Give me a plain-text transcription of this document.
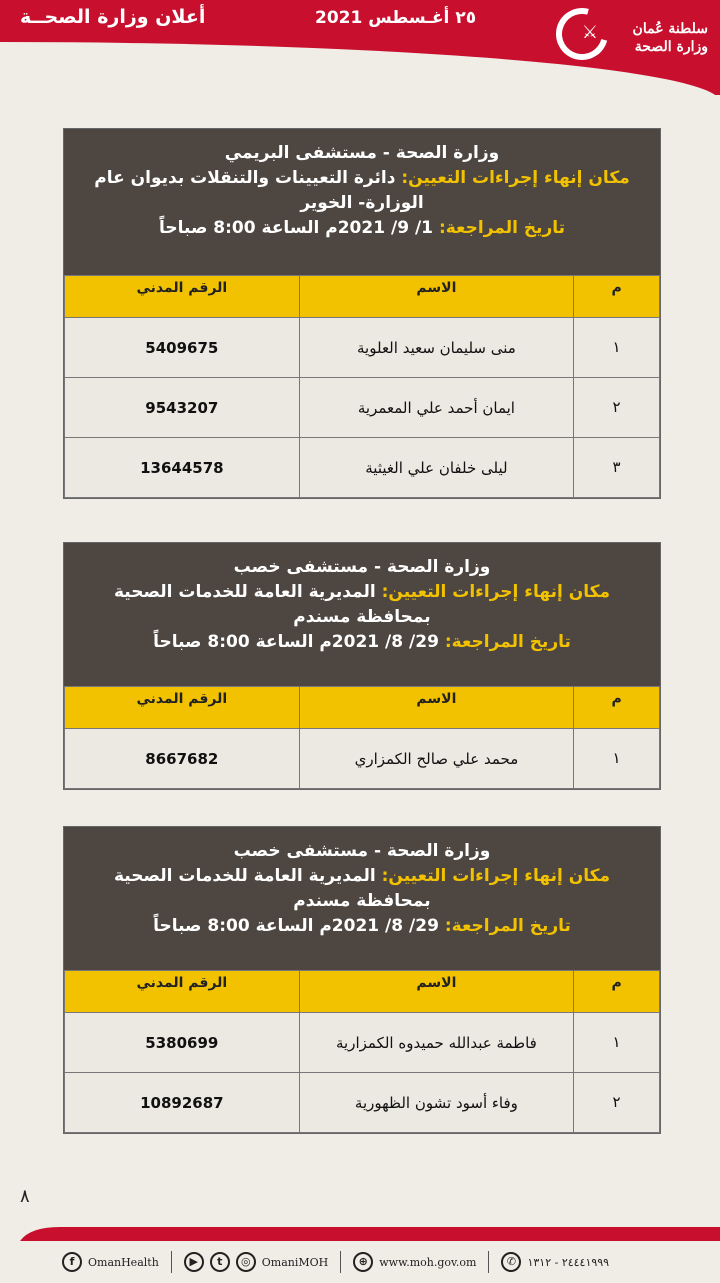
أعلان وزارة الصحــة	٢٥ أغـسطس 2021
⚔ سلطنة عُمان
وزارة الصحة
وزارة الصحة - مستشفى البريمي
مكان إنهاء إجراءات التعيين: دائرة التعيينات والتنقلات بديوان عام الوزارة- الخوير
تاريخ المراجعة: 1/ 9/ 2021م الساعة 8:00 صباحاً
م	الاسم	الرقم المدني
١	منى سليمان سعيد العلوية	5409675
٢	ايمان أحمد علي المعمرية	9543207
٣	ليلى خلفان علي الغيثية	13644578
وزارة الصحة - مستشفى خصب
مكان إنهاء إجراءات التعيين: المديرية العامة للخدمات الصحية بمحافظة مسندم
تاريخ المراجعة: 29/ 8/ 2021م الساعة 8:00 صباحاً
م	الاسم	الرقم المدني
١	محمد علي صالح الكمزاري	8667682
وزارة الصحة - مستشفى خصب
مكان إنهاء إجراءات التعيين: المديرية العامة للخدمات الصحية بمحافظة مسندم
تاريخ المراجعة: 29/ 8/ 2021م الساعة 8:00 صباحاً
م	الاسم	الرقم المدني
١	فاطمة عبدالله حميدوه الكمزارية	5380699
٢	وفاء أسود تشون الظهورية	10892687
٨
f	OmanHealth	▶	t	◎	OmaniMOH	⊕	www.moh.gov.om	✆	٢٤٤٤١٩٩٩ - ١٣١٢
